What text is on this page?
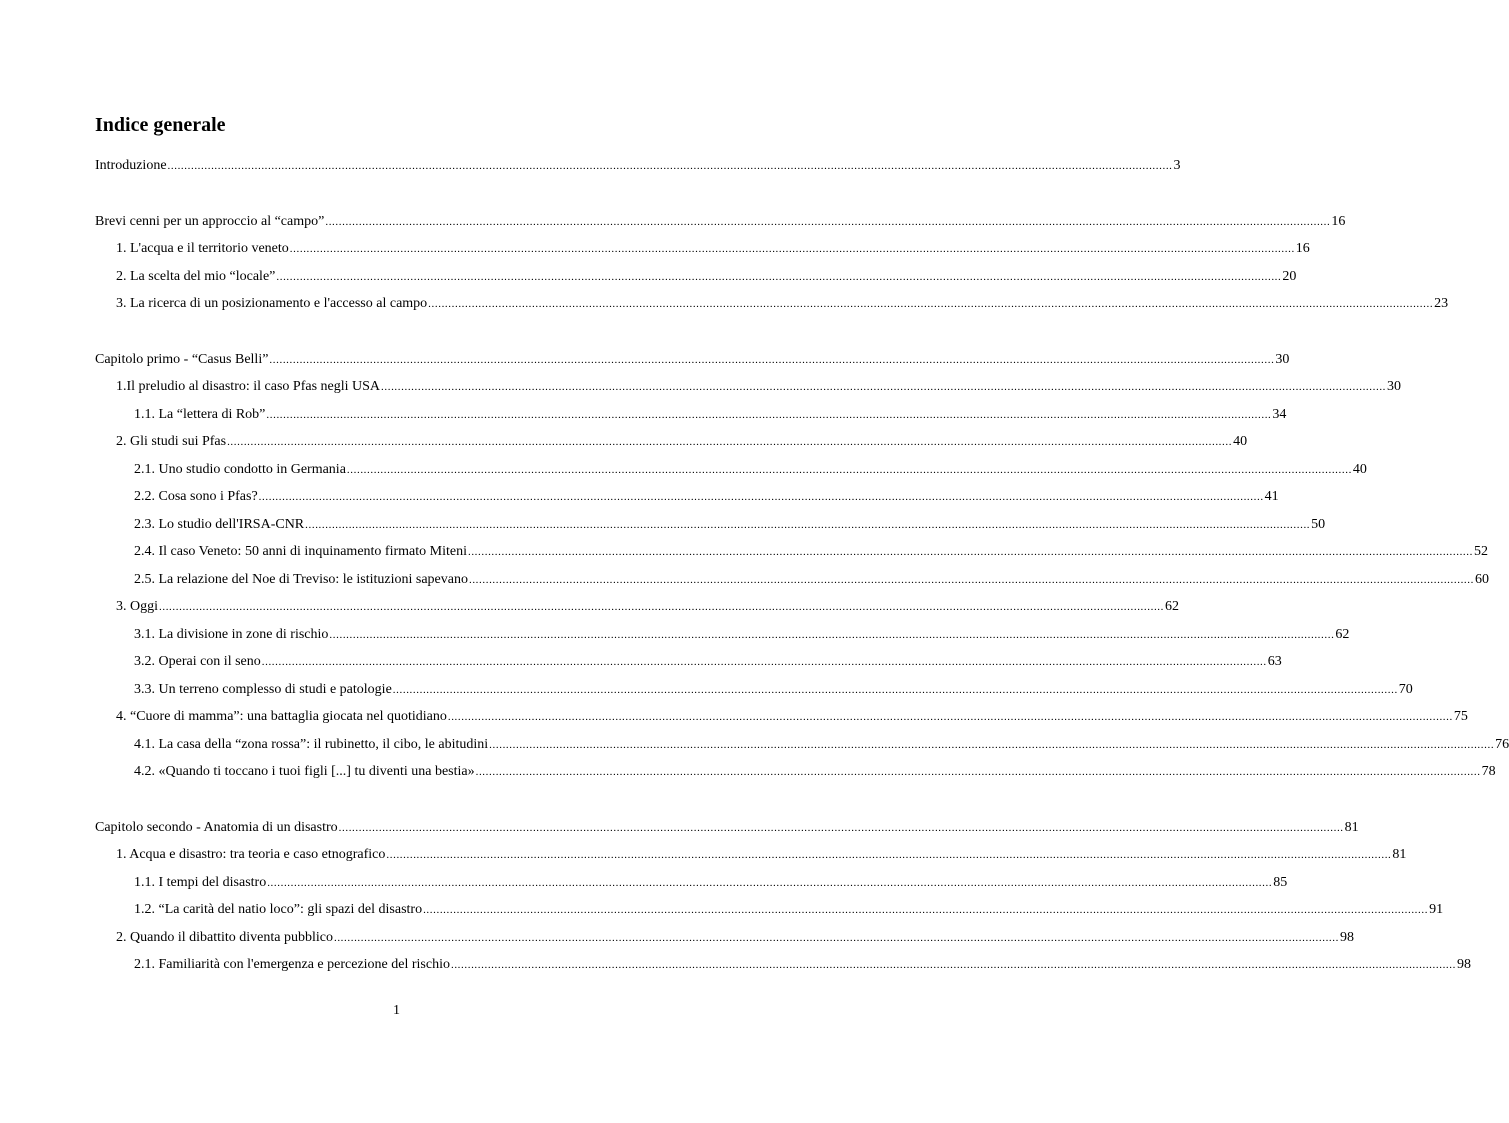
Indice generale
Introduzione ............................................................................................................................................................................................................................................................................................................ 3
Brevi cenni per un approccio al “campo” ............................................................................................................................................................................................................................................................................................................ 16
1. L'acqua e il territorio veneto ............................................................................................................................................................................................................................................................................................................ 16
2. La scelta del mio “locale” ............................................................................................................................................................................................................................................................................................................ 20
3. La ricerca di un posizionamento e l'accesso al campo ............................................................................................................................................................................................................................................................................................................ 23
Capitolo primo - “Casus Belli” ............................................................................................................................................................................................................................................................................................................ 30
1.Il preludio al disastro: il caso Pfas negli USA ............................................................................................................................................................................................................................................................................................................ 30
1.1. La “lettera di Rob” ............................................................................................................................................................................................................................................................................................................ 34
2. Gli studi sui Pfas ............................................................................................................................................................................................................................................................................................................ 40
2.1. Uno studio condotto in Germania ............................................................................................................................................................................................................................................................................................................ 40
2.2. Cosa sono i Pfas? ............................................................................................................................................................................................................................................................................................................ 41
2.3. Lo studio dell'IRSA-CNR ............................................................................................................................................................................................................................................................................................................ 50
2.4. Il caso Veneto: 50 anni di inquinamento firmato Miteni ............................................................................................................................................................................................................................................................................................................ 52
2.5. La relazione del Noe di Treviso: le istituzioni sapevano ............................................................................................................................................................................................................................................................................................................ 60
3. Oggi ............................................................................................................................................................................................................................................................................................................ 62
3.1. La divisione in zone di rischio ............................................................................................................................................................................................................................................................................................................ 62
3.2. Operai con il seno ............................................................................................................................................................................................................................................................................................................ 63
3.3. Un terreno complesso di studi e patologie ............................................................................................................................................................................................................................................................................................................ 70
4. “Cuore di mamma”: una battaglia giocata nel quotidiano ............................................................................................................................................................................................................................................................................................................ 75
4.1. La casa della “zona rossa”: il rubinetto, il cibo, le abitudini ............................................................................................................................................................................................................................................................................................................ 76
4.2. «Quando ti toccano i tuoi figli [...] tu diventi una bestia» ............................................................................................................................................................................................................................................................................................................ 78
Capitolo secondo - Anatomia di un disastro ............................................................................................................................................................................................................................................................................................................ 81
1. Acqua e disastro: tra teoria e caso etnografico ............................................................................................................................................................................................................................................................................................................ 81
1.1. I tempi del disastro ............................................................................................................................................................................................................................................................................................................ 85
1.2. “La carità del natio loco”: gli spazi del disastro ............................................................................................................................................................................................................................................................................................................ 91
2. Quando il dibattito diventa pubblico ............................................................................................................................................................................................................................................................................................................ 98
2.1. Familiarità con l'emergenza e percezione del rischio ............................................................................................................................................................................................................................................................................................................ 98
1
